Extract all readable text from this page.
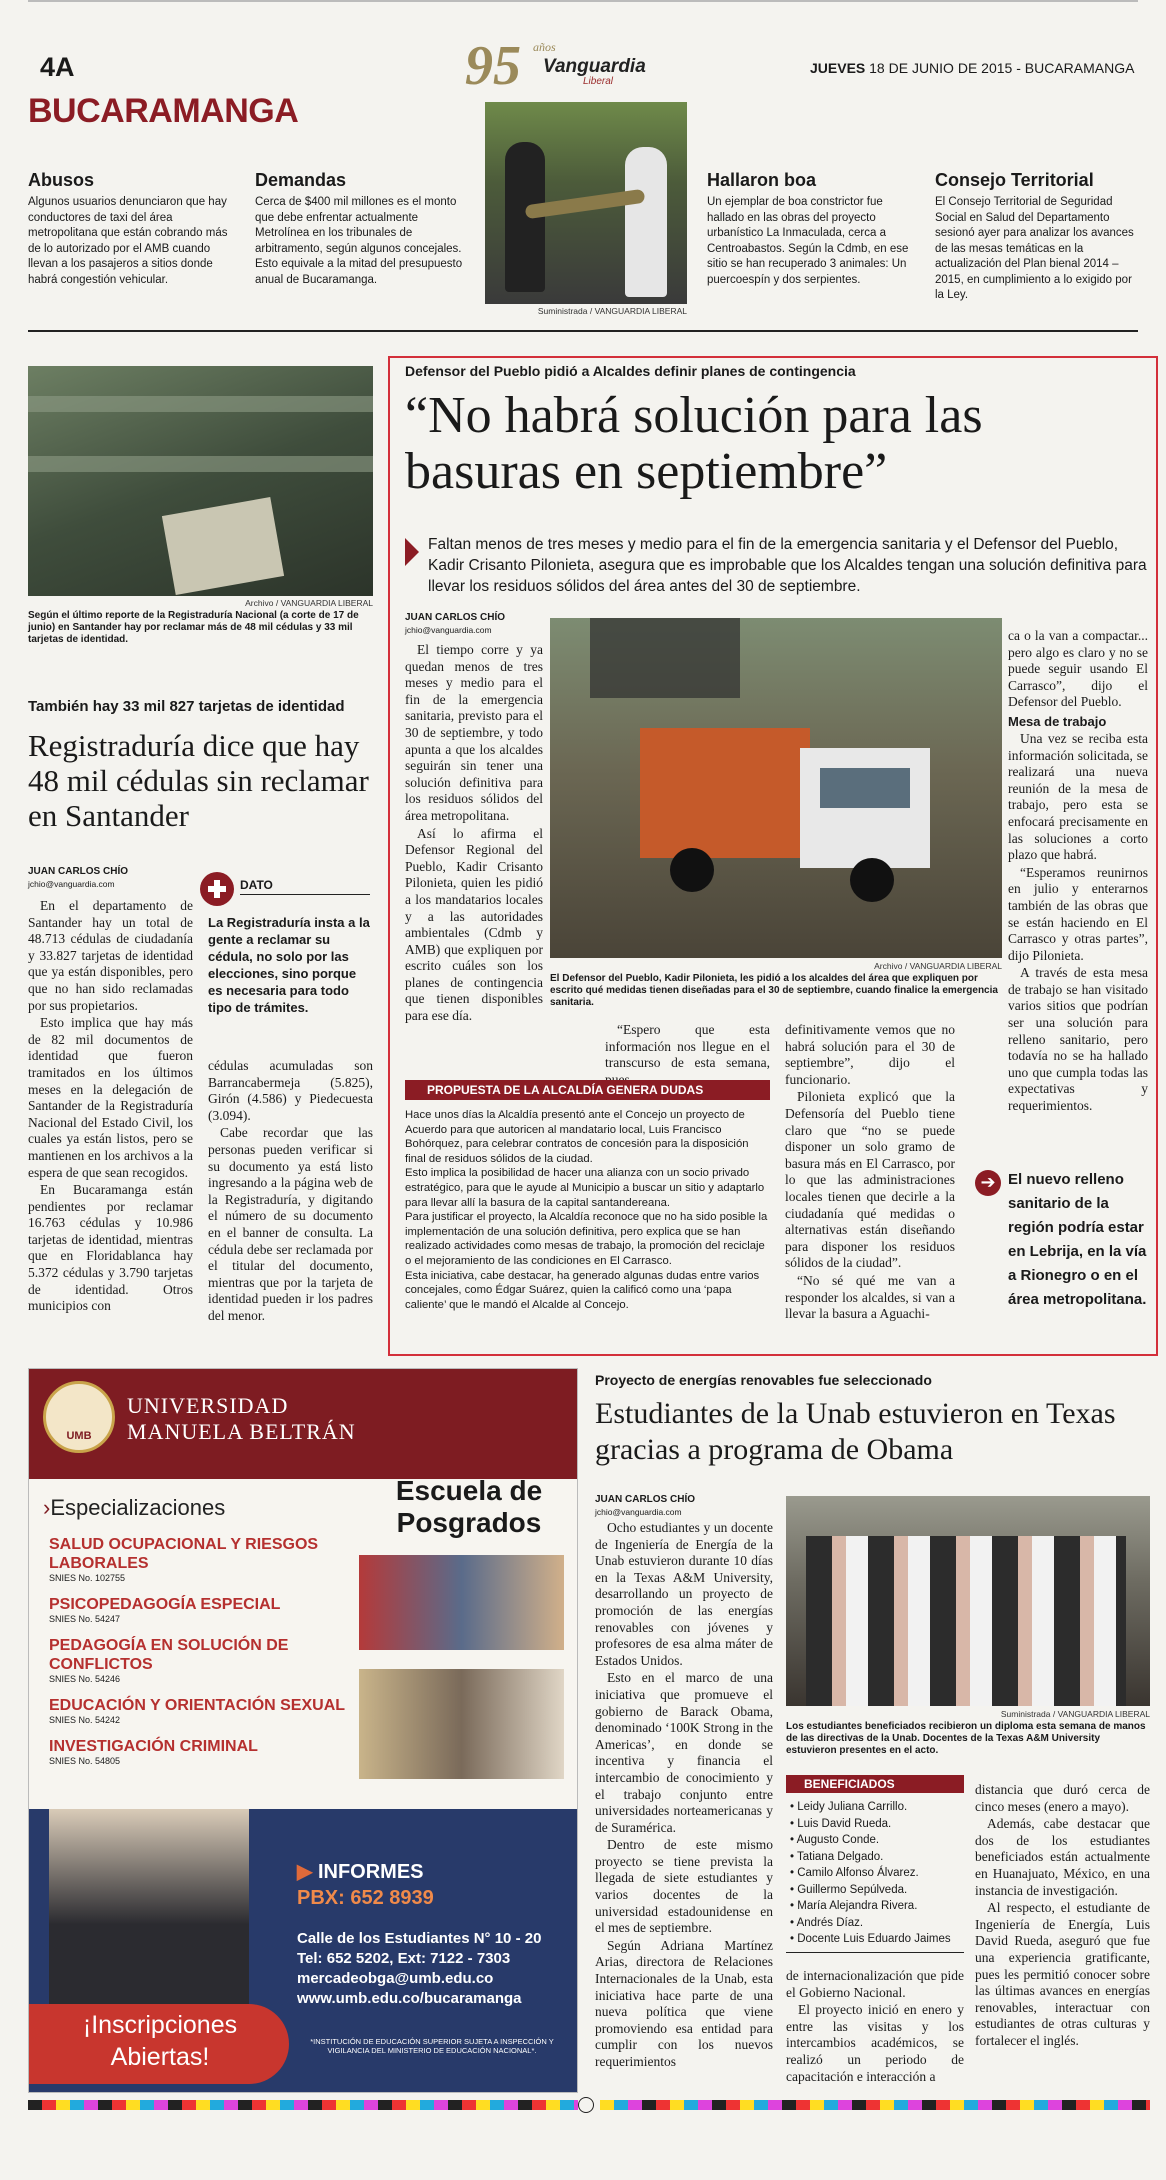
4A	95 años
Vanguardia
Liberal
JUEVES 18 DE JUNIO DE 2015 - BUCARAMANGA
BUCARAMANGA
Abusos

Algunos usuarios denunciaron que hay conductores de taxi del área metropolitana que están cobrando más de lo autorizado por el AMB cuando llevan a los pasajeros a sitios donde habrá congestión vehicular.

Demandas

Cerca de $400 mil millones es el monto que debe enfrentar actualmente Metrolínea en los tribunales de arbitramento, según algunos concejales. Esto equivale a la mitad del presupuesto anual de Bucaramanga.

Suministrada / VANGUARDIA LIBERAL
Hallaron boa

Un ejemplar de boa constrictor fue hallado en las obras del proyecto urbanístico La Inmaculada, cerca a Centroabastos. Según la Cdmb, en ese sitio se han recuperado 3 animales: Un puercoespín y dos serpientes.

Consejo Territorial

El Consejo Territorial de Seguridad Social en Salud del Departamento sesionó ayer para analizar los avances de las mesas temáticas en la actualización del Plan bienal 2014 – 2015, en cumplimiento a lo exigido por la Ley.

Archivo / VANGUARDIA LIBERAL
Según el último reporte de la Registraduría Nacional (a corte de 17 de junio) en Santander hay por reclamar más de 48 mil cédulas y 33 mil tarjetas de identidad.
También hay 33 mil 827 tarjetas de identidad
Registraduría dice que hay 48 mil cédulas sin reclamar en Santander
JUAN CARLOS CHÍO
jchio@vanguardia.com	DATO
La Registraduría insta a la gente a reclamar su cédula, no solo por las elecciones, sino porque es necesaria para todo tipo de trámites.

En el departamento de Santander hay un total de 48.713 cédulas de ciudadanía y 33.827 tarjetas de identidad que ya están disponibles, pero que no han sido reclamadas por sus propietarios.

Esto implica que hay más de 82 mil documentos de identidad que fueron tramitados en los últimos meses en la delegación de Santander de la Registraduría Nacional del Estado Civil, los cuales ya están listos, pero se mantienen en los archivos a la espera de que sean recogidos.

En Bucaramanga están pendientes por reclamar 16.763 cédulas y 10.986 tarjetas de identidad, mientras que en Floridablanca hay 5.372 cédulas y 3.790 tarjetas de identidad. Otros municipios con

cédulas acumuladas son Barrancabermeja (5.825), Girón (4.586) y Piedecuesta (3.094).

Cabe recordar que las personas pueden verificar si su documento ya está listo ingresando a la página web de la Registraduría, y digitando el número de su documento en el banner de consulta. La cédula debe ser reclamada por el titular del documento, mientras que por la tarjeta de identidad pueden ir los padres del menor.

Defensor del Pueblo pidió a Alcaldes definir planes de contingencia
“No habrá solución para las basuras en septiembre”
Faltan menos de tres meses y medio para el fin de la emergencia sanitaria y el Defensor del Pueblo, Kadir Crisanto Pilonieta, asegura que es improbable que los Alcaldes tengan una solución definitiva para llevar los residuos sólidos del área antes del 30 de septiembre.
JUAN CARLOS CHÍO
jchio@vanguardia.com

El tiempo corre y ya quedan menos de tres meses y medio para el fin de la emergencia sanitaria, previsto para el 30 de septiembre, y todo apunta a que los alcaldes seguirán sin tener una solución definitiva para los residuos sólidos del área metropolitana.

Así lo afirma el Defensor Regional del Pueblo, Kadir Crisanto Pilonieta, quien les pidió a los mandatarios locales y a las autoridades ambientales (Cdmb y AMB) que expliquen por escrito cuáles son los planes de contingencia que tienen disponibles para ese día.

Archivo / VANGUARDIA LIBERAL
El Defensor del Pueblo, Kadir Pilonieta, les pidió a los alcaldes del área que expliquen por escrito qué medidas tienen diseñadas para el 30 de septiembre, cuando finalice la emergencia sanitaria.

“Espero que esta información nos llegue en el transcurso de esta semana,

definitivamente vemos que no habrá solución para el 30 de septiembre”, dijo el funcionario.

Pilonieta explicó que la Defensoría del Pueblo tiene claro que “no se puede disponer un solo gramo de basura más en El Carrasco, por lo que las administraciones locales tienen que decirle a la ciudadanía qué medidas o alternativas están diseñando para disponer los residuos sólidos de la ciudad”.

“No sé qué me van a responder los alcaldes, si van a llevar la basura a Aguachi-

ca o la van a compactar... pero algo es claro y no se puede seguir usando El Carrasco”, dijo el Defensor del Pueblo.

Mesa de trabajo

Una vez se reciba esta información solicitada, se realizará una nueva reunión de la mesa de trabajo, pero esta se enfocará precisamente en las soluciones a corto plazo que habrá.

“Esperamos reunirnos en julio y enterarnos también de las obras que se están haciendo en El Carrasco y otras partes”, dijo Pilonieta.

A través de esta mesa de trabajo se han visitado varios sitios que podrían ser una solución para relleno sanitario, pero todavía no se ha hallado uno que cumpla todas las expectativas y requerimientos.

➔ El nuevo relleno sanitario de la región podría estar en Lebrija, en la vía a Rionegro o en el área metropolitana.
PROPUESTA DE LA ALCALDÍA GENERA DUDAS

Hace unos días la Alcaldía presentó ante el Concejo un proyecto de Acuerdo para que autoricen al mandatario local, Luis Francisco Bohórquez, para celebrar contratos de concesión para la disposición final de residuos sólidos de la ciudad.

Esto implica la posibilidad de hacer una alianza con un socio privado estratégico, para que le ayude al Municipio a buscar un sitio y adaptarlo para llevar allí la basura de la capital santandereana.

Para justificar el proyecto, la Alcaldía reconoce que no ha sido posible la implementación de una solución definitiva, pero explica que se han realizado actividades como mesas de trabajo, la promoción del reciclaje o el mejoramiento de las condiciones en El Carrasco.

Esta iniciativa, cabe destacar, ha generado algunas dudas entre varios concejales, como Édgar Suárez, quien la calificó como una ‘papa caliente’ que le mandó el Alcalde al Concejo.

UMB
UNIVERSIDAD
MANUELA BELTRÁN
›Especializaciones
Escuela de
Posgrados
SALUD OCUPACIONAL Y RIESGOS LABORALES
SNIES No. 102755
PSICOPEDAGOGÍA ESPECIAL
SNIES No. 54247
PEDAGOGÍA EN SOLUCIÓN DE CONFLICTOS
SNIES No. 54246
EDUCACIÓN Y ORIENTACIÓN SEXUAL
SNIES No. 54242
INVESTIGACIÓN CRIMINAL
SNIES No. 54805
▶ INFORMES
PBX: 652 8939
Calle de los Estudiantes N° 10 - 20
Tel: 652 5202, Ext: 7122 - 7303
mercadeobga@umb.edu.co
www.umb.edu.co/bucaramanga
¡Inscripciones
Abiertas!
*INSTITUCIÓN DE EDUCACIÓN SUPERIOR SUJETA A INSPECCIÓN Y VIGILANCIA DEL MINISTERIO DE EDUCACIÓN NACIONAL*.
Proyecto de energías renovables fue seleccionado
Estudiantes de la Unab estuvieron en Texas gracias a programa de Obama
JUAN CARLOS CHÍO
jchio@vanguardia.com

Ocho estudiantes y un docente de Ingeniería de Energía de la Unab estuvieron durante 10 días en la Texas A&M University, desarrollando un proyecto de promoción de las energías renovables con jóvenes y profesores de esa alma máter de Estados Unidos.

Esto en el marco de una iniciativa que promueve el gobierno de Barack Obama, denominado ‘100K Strong in the Americas’, en donde se incentiva y financia el intercambio de conocimiento y el trabajo conjunto entre universidades norteamericanas y de Suramérica.

Dentro de este mismo proyecto se tiene prevista la llegada de siete estudiantes y varios docentes de la universidad estadounidense en el mes de septiembre.

Según Adriana Martínez Arias, directora de Relaciones Internacionales de la Unab, esta iniciativa hace parte de una nueva política que viene promoviendo esa entidad para cumplir con los nuevos requerimientos

Suministrada / VANGUARDIA LIBERAL
Los estudiantes beneficiados recibieron un diploma esta semana de manos de las directivas de la Unab. Docentes de la Texas A&M University estuvieron presentes en el acto.
BENEFICIADOS
• Leidy Juliana Carrillo.
• Luis David Rueda.
• Augusto Conde.
• Tatiana Delgado.
• Camilo Alfonso Álvarez.
• Guillermo Sepúlveda.
• María Alejandra Rivera.
• Andrés Díaz.
• Docente Luis Eduardo Jaimes

de internacionalización que pide el Gobierno Nacional.

El proyecto inició en enero y entre las visitas y los intercambios académicos, se realizó un periodo de capacitación e interacción a

distancia que duró cerca de cinco meses (enero a mayo).

Además, cabe destacar que dos de los estudiantes beneficiados están actualmente en Huanajuato, México, en una instancia de investigación.

Al respecto, el estudiante de Ingeniería de Energía, Luis David Rueda, aseguró que fue una experiencia gratificante, pues les permitió conocer sobre las últimas avances en energías renovables, interactuar con estudiantes de otras culturas y fortalecer el inglés.
